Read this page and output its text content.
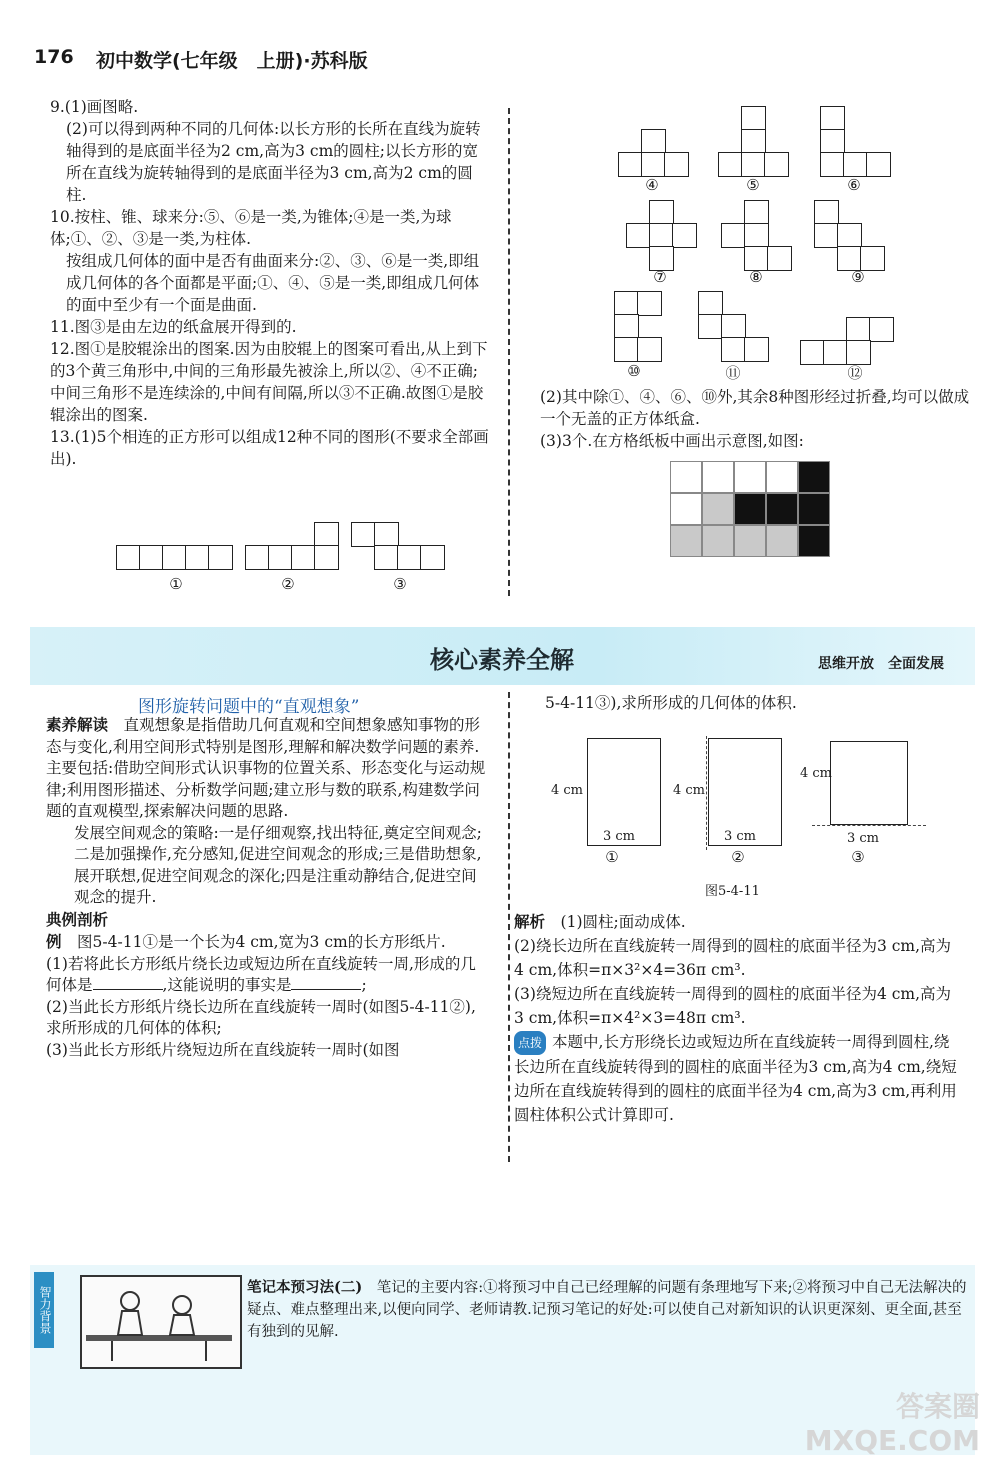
176 初中数学(七年级　上册)·苏科版

9.(1)画图略.

(2)可以得到两种不同的几何体:以长方形的长所在直线为旋转轴得到的是底面半径为2 cm,高为3 cm的圆柱;以长方形的宽所在直线为旋转轴得到的是底面半径为3 cm,高为2 cm的圆柱.

10.按柱、锥、球来分:⑤、⑥是一类,为锥体;④是一类,为球体;①、②、③是一类,为柱体.

按组成几何体的面中是否有曲面来分:②、③、⑥是一类,即组成几何体的各个面都是平面;①、④、⑤是一类,即组成几何体的面中至少有一个面是曲面.

11.图③是由左边的纸盒展开得到的.

12.图①是胶辊涂出的图案.因为由胶辊上的图案可看出,从上到下的3个黄三角形中,中间的三角形最先被涂上,所以②、④不正确;中间三角形不是连续涂的,中间有间隔,所以③不正确.故图①是胶辊涂出的图案.

13.(1)5个相连的正方形可以组成12种不同的图形(不要求全部画出).

①	②	③
④	⑤	⑥
⑦	⑧	⑨
⑩	⑪	⑫

(2)其中除①、④、⑥、⑩外,其余8种图形经过折叠,均可以做成一个无盖的正方体纸盒.

(3)3个.在方格纸板中画出示意图,如图:

核心素养全解	思维开放　全面发展
图形旋转问题中的“直观想象”

素养解读　 直观想象是指借助几何直观和空间想象感知事物的形态与变化,利用空间形式特别是图形,理解和解决数学问题的素养.主要包括:借助空间形式认识事物的位置关系、形态变化与运动规律;利用图形描述、分析数学问题;建立形与数的联系,构建数学问题的直观模型,探索解决问题的思路.

发展空间观念的策略:一是仔细观察,找出特征,奠定空间观念;二是加强操作,充分感知,促进空间观念的形成;三是借助想象,展开联想,促进空间观念的深化;四是注重动静结合,促进空间观念的提升.

典例剖析

例　 图5-4-11①是一个长为4 cm,宽为3 cm的长方形纸片.

(1)若将此长方形纸片绕长边或短边所在直线旋转一周,形成的几何体是	,这能说明的事实是	;

(2)当此长方形纸片绕长边所在直线旋转一周时(如图5-4-11②),求所形成的几何体的体积;

(3)当此长方形纸片绕短边所在直线旋转一周时(如图

5-4-11③),求所形成的几何体的体积.
4 cm
3 cm
①
4 cm
3 cm
②
4 cm
3 cm
③
图5-4-11

解析　 (1)圆柱;面动成体.

(2)绕长边所在直线旋转一周得到的圆柱的底面半径为3 cm,高为4 cm,体积=π×3²×4=36π cm³.

(3)绕短边所在直线旋转一周得到的圆柱的底面半径为4 cm,高为3 cm,体积=π×4²×3=48π cm³.

点拨 本题中,长方形绕长边或短边所在直线旋转一周得到圆柱,绕长边所在直线旋转得到的圆柱的底面半径为3 cm,高为4 cm,绕短边所在直线旋转得到的圆柱的底面半径为4 cm,高为3 cm,再利用圆柱体积公式计算即可.

智力背景	笔记本预习法(二)　 笔记的主要内容:①将预习中自己已经理解的问题有条理地写下来;②将预习中自己无法解决的疑点、难点整理出来,以便向同学、老师请教.记预习笔记的好处:可以使自己对新知识的认识更深刻、更全面,甚至有独到的见解.
答案圈 MXQE.COM
